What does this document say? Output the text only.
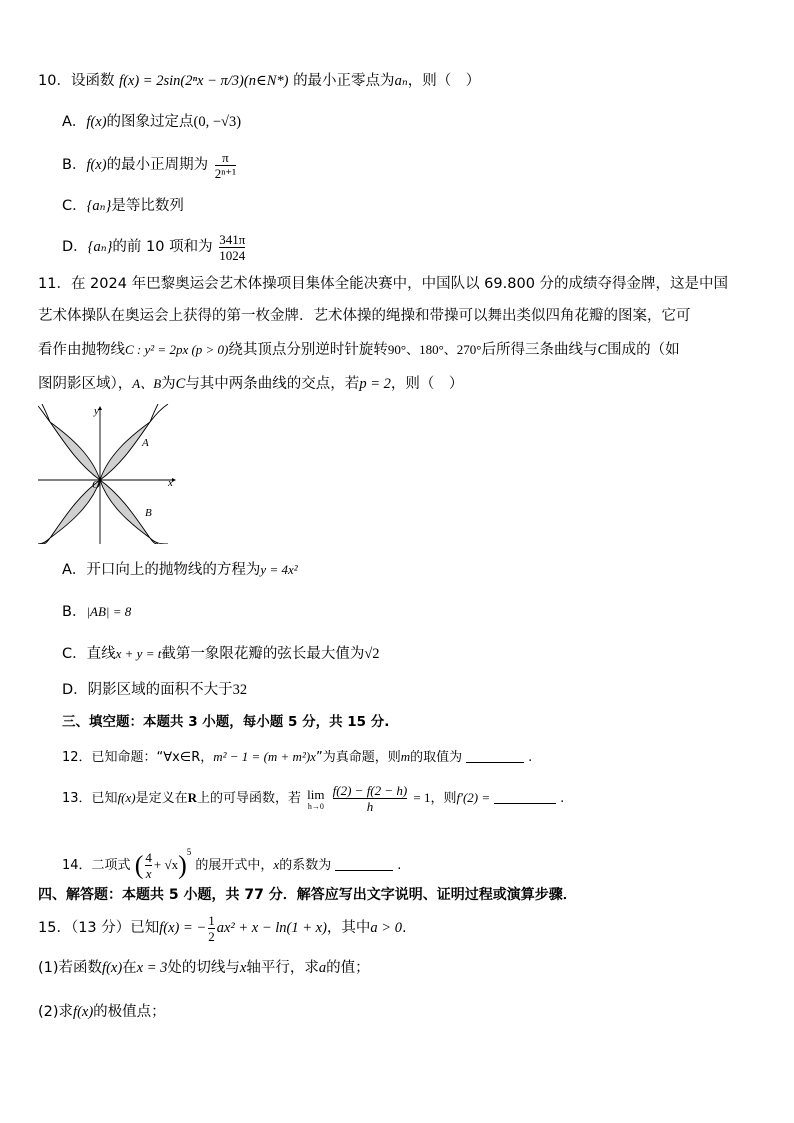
10．设函数 f(x) = 2sin(2ⁿx − π/3)(n∈N*) 的最小正零点为aₙ，则（　）
A．f(x)的图象过定点(0, −√3)
B．f(x)的最小正周期为 $\frac{\pi}{\text{2ⁿ⁺¹}}$
C．{aₙ}是等比数列
D．{aₙ}的前 10 项和为 $\frac{341\pi}{1024}$
11．在 2024 年巴黎奥运会艺术体操项目集体全能决赛中，中国队以 69.800 分的成绩夺得金牌，这是中国
艺术体操队在奥运会上获得的第一枚金牌．艺术体操的绳操和带操可以舞出类似四角花瓣的图案，它可
看作由抛物线C : y² = 2px (p > 0)绕其顶点分别逆时针旋转90°、180°、270°后所得三条曲线与C围成的（如
图阴影区域），A、B为C与其中两条曲线的交点，若p = 2，则（　）
y
x
O
A
B
A．开口向上的抛物线的方程为y = 4x²
B．|AB| = 8
C．直线x + y = t截第一象限花瓣的弦长最大值为√2
D．阴影区域的面积不大于32
三、填空题：本题共 3 小题，每小题 5 分，共 15 分.
12．已知命题：“∀x∈R，m² − 1 = (m + m²)x”为真命题，则m的取值为	.
13．已知f(x)是定义在R上的可导函数，若 lim
h→0
$\frac{f(2) - f(2 - h)}{h} = 1$，则f′(2) =	.
14．二项式 ( $\frac{4}{x} + √x)^5$ 的展开式中，x的系数为	.
四、解答题：本题共 5 小题，共 77 分．解答应写出文字说明、证明过程或演算步骤．
15．（13 分）已知f(x) = − $\frac{1}{2} ax^2 + x - \ln(1 + x)$，其中a > 0.
(1)若函数f(x)在x = 3处的切线与x轴平行，求a的值；
(2)求f(x)的极值点；
